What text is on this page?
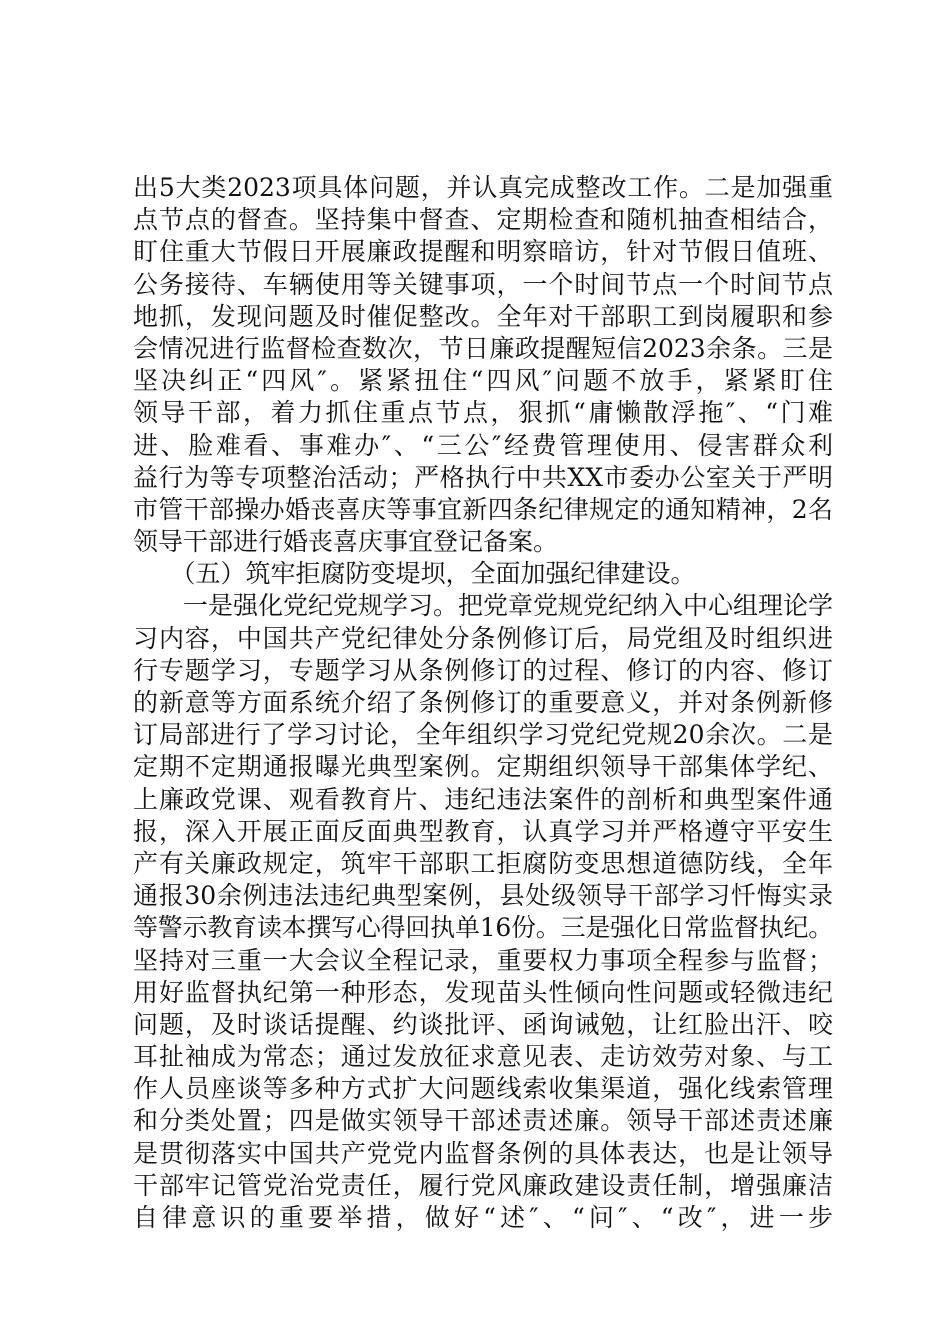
出5大类2023项具体问题，并认真完成整改工作。二是加强重
点节点的督查。坚持集中督查、定期检查和随机抽查相结合，
盯住重大节假日开展廉政提醒和明察暗访，针对节假日值班、
公务接待、车辆使用等关键事项，一个时间节点一个时间节点
地抓，发现问题及时催促整改。全年对干部职工到岗履职和参
会情况进行监督检查数次，节日廉政提醒短信2023余条。三是
坚决纠正“四风″。紧紧扭住“四风″问题不放手，紧紧盯住
领导干部，着力抓住重点节点，狠抓“庸懒散浮拖″、“门难
进、脸难看、事难办″、“三公″经费管理使用、侵害群众利
益行为等专项整治活动；严格执行中共XX市委办公室关于严明
市管干部操办婚丧喜庆等事宜新四条纪律规定的通知精神，2名
领导干部进行婚丧喜庆事宜登记备案。
　　（五）筑牢拒腐防变堤坝，全面加强纪律建设。
　　一是强化党纪党规学习。把党章党规党纪纳入中心组理论学
习内容，中国共产党纪律处分条例修订后，局党组及时组织进
行专题学习，专题学习从条例修订的过程、修订的内容、修订
的新意等方面系统介绍了条例修订的重要意义，并对条例新修
订局部进行了学习讨论，全年组织学习党纪党规20余次。二是
定期不定期通报曝光典型案例。定期组织领导干部集体学纪、
上廉政党课、观看教育片、违纪违法案件的剖析和典型案件通
报，深入开展正面反面典型教育，认真学习并严格遵守平安生
产有关廉政规定，筑牢干部职工拒腐防变思想道德防线，全年
通报30余例违法违纪典型案例，县处级领导干部学习忏悔实录
等警示教育读本撰写心得回执单16份。三是强化日常监督执纪。
坚持对三重一大会议全程记录，重要权力事项全程参与监督；
用好监督执纪第一种形态，发现苗头性倾向性问题或轻微违纪
问题，及时谈话提醒、约谈批评、函询诫勉，让红脸出汗、咬
耳扯袖成为常态；通过发放征求意见表、走访效劳对象、与工
作人员座谈等多种方式扩大问题线索收集渠道，强化线索管理
和分类处置；四是做实领导干部述责述廉。领导干部述责述廉
是贯彻落实中国共产党党内监督条例的具体表达，也是让领导
干部牢记管党治党责任，履行党风廉政建设责任制，增强廉洁
自律意识的重要举措，做好“述″、“问″、“改″，进一步
